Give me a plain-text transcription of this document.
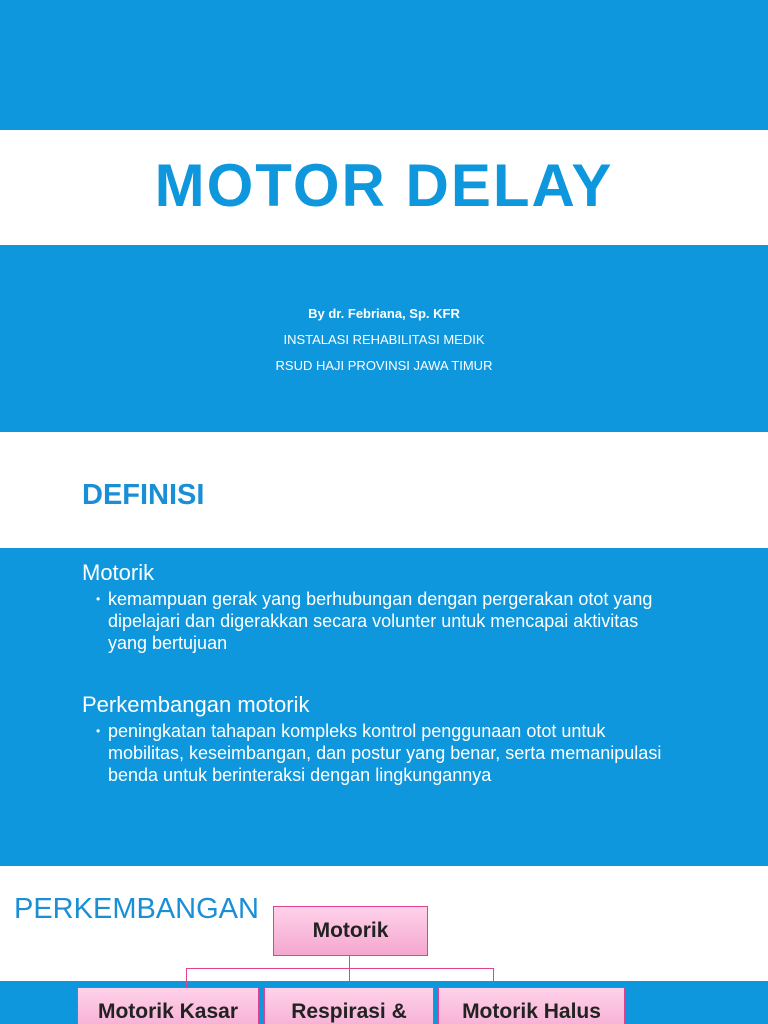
MOTOR DELAY
By dr. Febriana, Sp. KFR
INSTALASI REHABILITASI MEDIK
RSUD HAJI PROVINSI JAWA TIMUR
DEFINISI
Motorik
• kemampuan gerak yang berhubungan dengan pergerakan otot yang dipelajari dan digerakkan secara volunter untuk mencapai aktivitas yang bertujuan
Perkembangan motorik
• peningkatan tahapan kompleks kontrol penggunaan otot untuk mobilitas, keseimbangan, dan postur yang benar, serta memanipulasi benda untuk berinteraksi dengan lingkungannya
PERKEMBANGAN
Motorik
Motorik Kasar	Respirasi &	Motorik Halus
